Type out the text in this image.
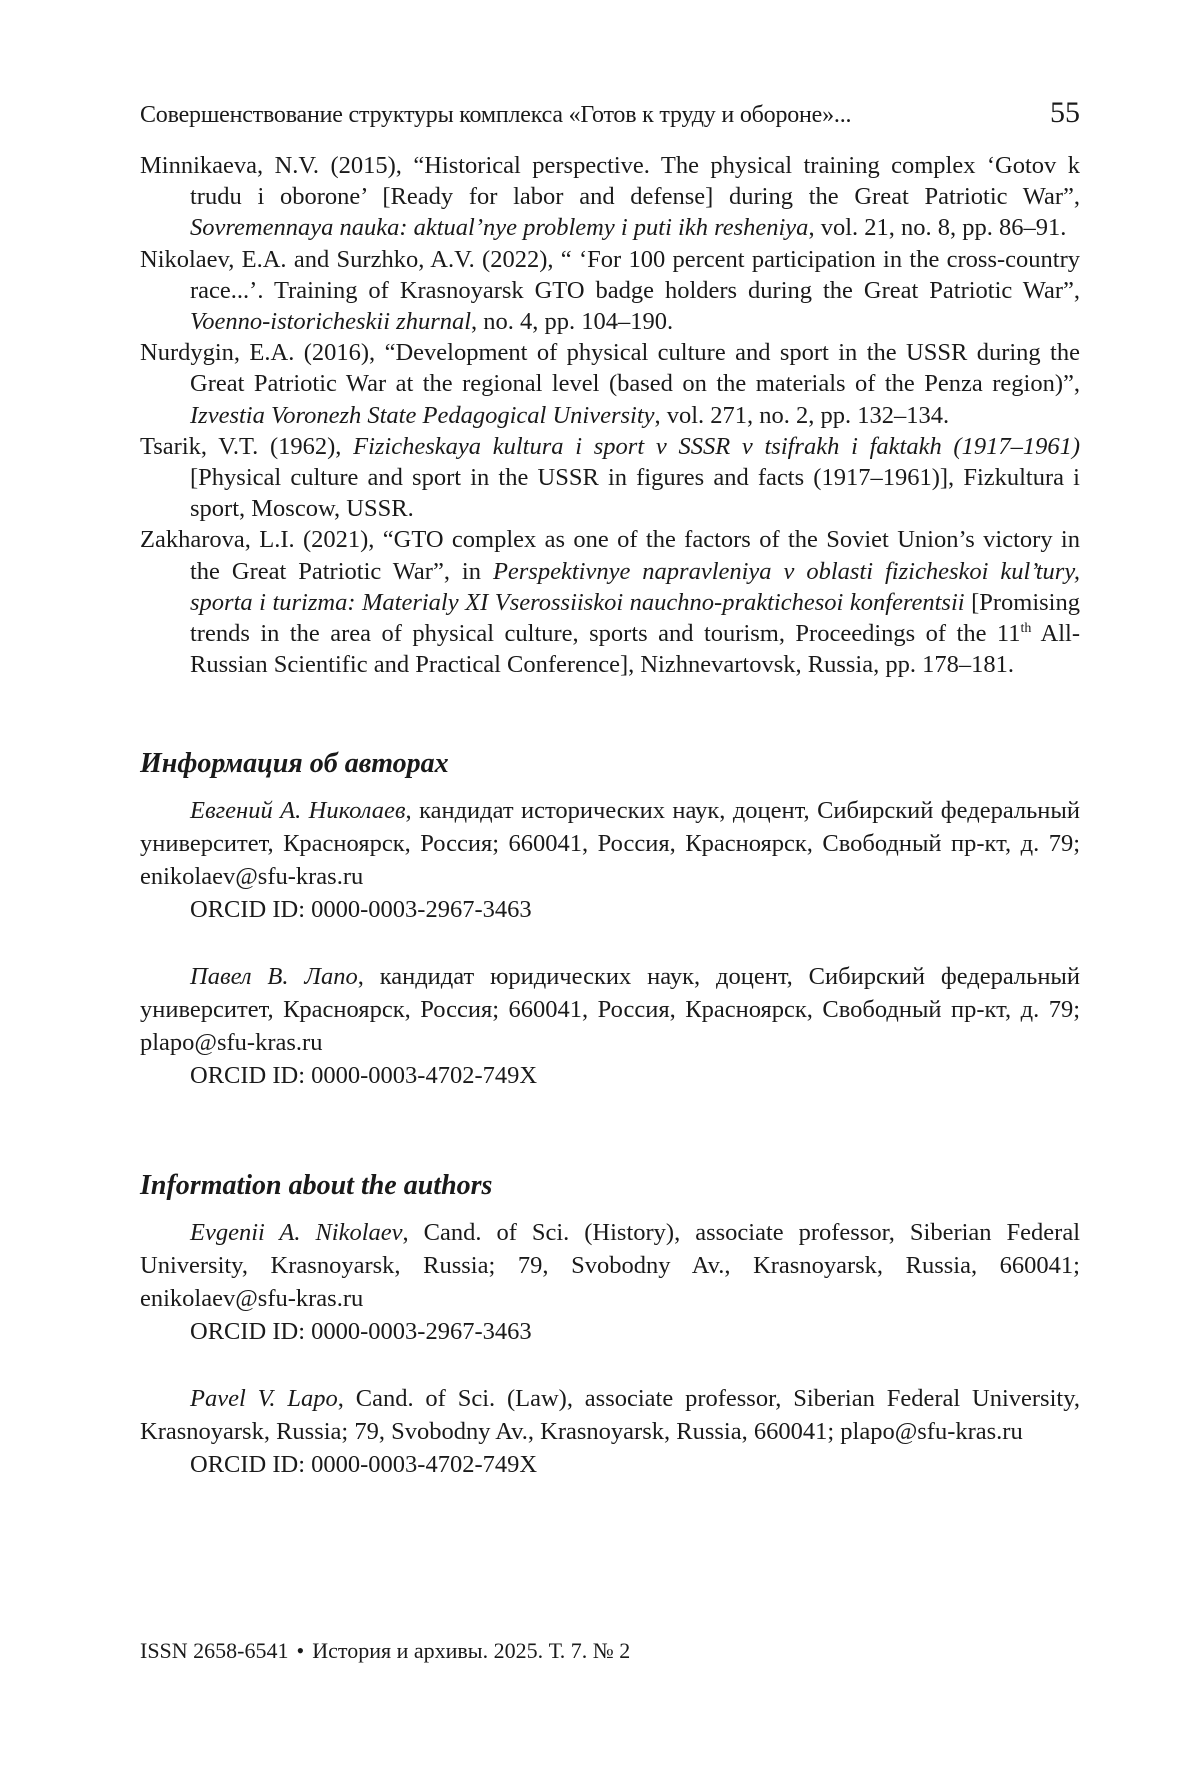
Совершенствование структуры комплекса «Готов к труду и обороне»...	55

Minnikaeva, N.V. (2015), “Historical perspective. The physical training complex ‘Gotov k trudu i oborone’ [Ready for labor and defense] during the Great Patriotic War”, Sovremennaya nauka: aktual’nye problemy i puti ikh resheniya, vol. 21, no. 8, pp. 86–91.

Nikolaev, E.A. and Surzhko, A.V. (2022), “ ‘For 100 percent participation in the cross-country race...’. Training of Krasnoyarsk GTO badge holders during the Great Patriotic War”, Voenno-istoricheskii zhurnal, no. 4, pp. 104–190.

Nurdygin, E.A. (2016), “Development of physical culture and sport in the USSR during the Great Patriotic War at the regional level (based on the materials of the Penza region)”, Izvestia Voronezh State Pedagogical University, vol. 271, no. 2, pp. 132–134.

Tsarik, V.T. (1962), Fizicheskaya kultura i sport v SSSR v tsifrakh i faktakh (1917–1961) [Physical culture and sport in the USSR in figures and facts (1917–1961)], Fizkultura i sport, Moscow, USSR.

Zakharova, L.I. (2021), “GTO complex as one of the factors of the Soviet Union’s victory in the Great Patriotic War”, in Perspektivnye napravleniya v oblasti fizicheskoi kul’tury, sporta i turizma: Materialy XI Vserossiiskoi nauchno-praktichesoi konferentsii [Promising trends in the area of physical culture, sports and tourism, Proceedings of the 11th All-Russian Scientific and Practical Conference], Nizhnevartovsk, Russia, pp. 178–181.

Информация об авторах
Евгений А. Николаев, кандидат исторических наук, доцент, Сибирский федеральный университет, Красноярск, Россия; 660041, Россия, Красноярск, Свободный пр-кт, д. 79; enikolaev@sfu-kras.ru
ORCID ID: 0000-0003-2967-3463
Павел В. Лапо, кандидат юридических наук, доцент, Сибирский федеральный университет, Красноярск, Россия; 660041, Россия, Красноярск, Свободный пр-кт, д. 79; plapo@sfu-kras.ru
ORCID ID: 0000-0003-4702-749X
Information about the authors
Evgenii A. Nikolaev, Cand. of Sci. (History), associate professor, Siberian Federal University, Krasnoyarsk, Russia; 79, Svobodny Av., Krasnoyarsk, Russia, 660041; enikolaev@sfu-kras.ru
ORCID ID: 0000-0003-2967-3463
Pavel V. Lapo, Cand. of Sci. (Law), associate professor, Siberian Federal University, Krasnoyarsk, Russia; 79, Svobodny Av., Krasnoyarsk, Russia, 660041; plapo@sfu-kras.ru
ORCID ID: 0000-0003-4702-749X
ISSN 2658-6541 • История и архивы. 2025. Т. 7. № 2
